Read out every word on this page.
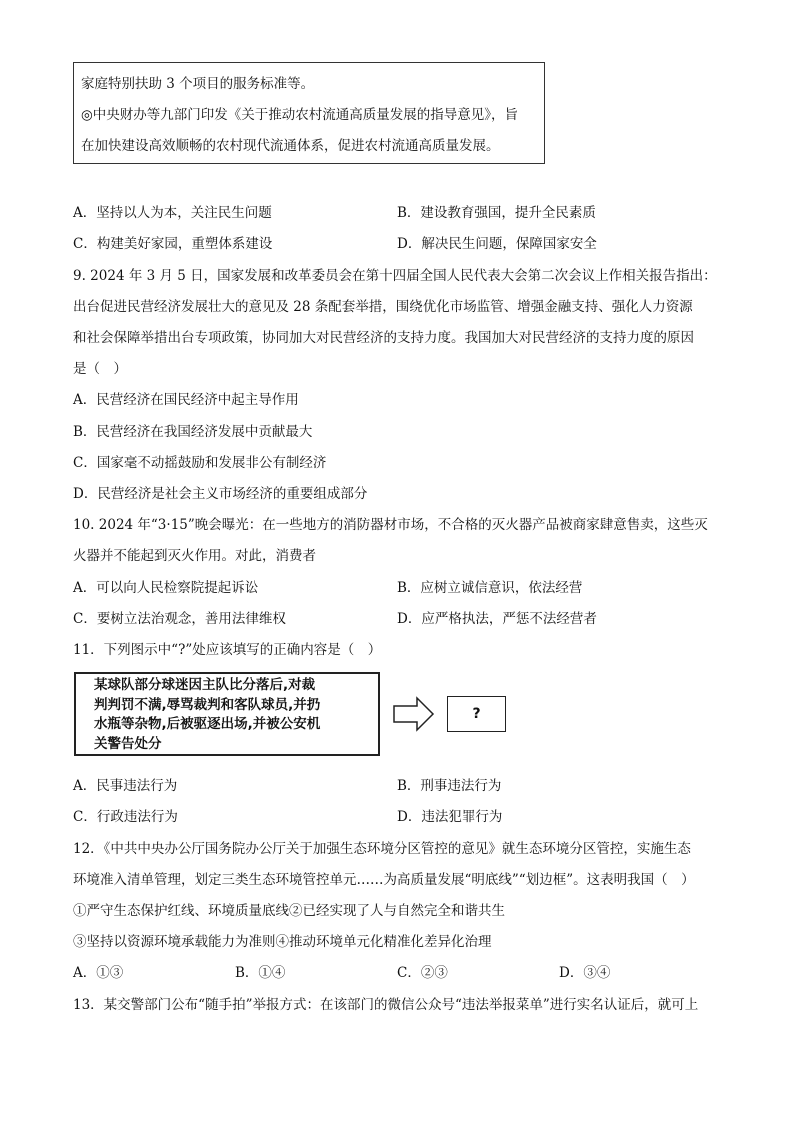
家庭特别扶助 3 个项目的服务标准等。
◎中央财办等九部门印发《关于推动农村流通高质量发展的指导意见》，旨
在加快建设高效顺畅的农村现代流通体系，促进农村流通高质量发展。
A．坚持以人为本，关注民生问题	B．建设教育强国，提升全民素质
C．构建美好家园，重塑体系建设	D．解决民生问题，保障国家安全
9. 2024 年 3 月 5 日，国家发展和改革委员会在第十四届全国人民代表大会第二次会议上作相关报告指出：
出台促进民营经济发展壮大的意见及 28 条配套举措，围绕优化市场监管、增强金融支持、强化人力资源
和社会保障举措出台专项政策，协同加大对民营经济的支持力度。我国加大对民营经济的支持力度的原因
是（　）
A．民营经济在国民经济中起主导作用
B．民营经济在我国经济发展中贡献最大
C．国家毫不动摇鼓励和发展非公有制经济
D．民营经济是社会主义市场经济的重要组成部分
10. 2024 年“3·15”晚会曝光：在一些地方的消防器材市场，不合格的灭火器产品被商家肆意售卖，这些灭
火器并不能起到灭火作用。对此，消费者
A．可以向人民检察院提起诉讼	B．应树立诚信意识，依法经营
C．要树立法治观念，善用法律维权	D．应严格执法，严惩不法经营者
11．下列图示中“?”处应该填写的正确内容是（　）
某球队部分球迷因主队比分落后,对裁
判判罚不满,辱骂裁判和客队球员,并扔
水瓶等杂物,后被驱逐出场,并被公安机
关警告处分
?
A．民事违法行为	B．刑事违法行为
C．行政违法行为	D．违法犯罪行为
12．《中共中央办公厅国务院办公厅关于加强生态环境分区管控的意见》就生态环境分区管控，实施生态
环境准入清单管理，划定三类生态环境管控单元……为高质量发展“明底线”“划边框”。这表明我国（　）
①严守生态保护红线、环境质量底线②已经实现了人与自然完全和谐共生
③坚持以资源环境承载能力为准则④推动环境单元化精准化差异化治理
A．①③	B．①④	C．②③	D．③④
13．某交警部门公布“随手拍”举报方式：在该部门的微信公众号“违法举报菜单”进行实名认证后，就可上
